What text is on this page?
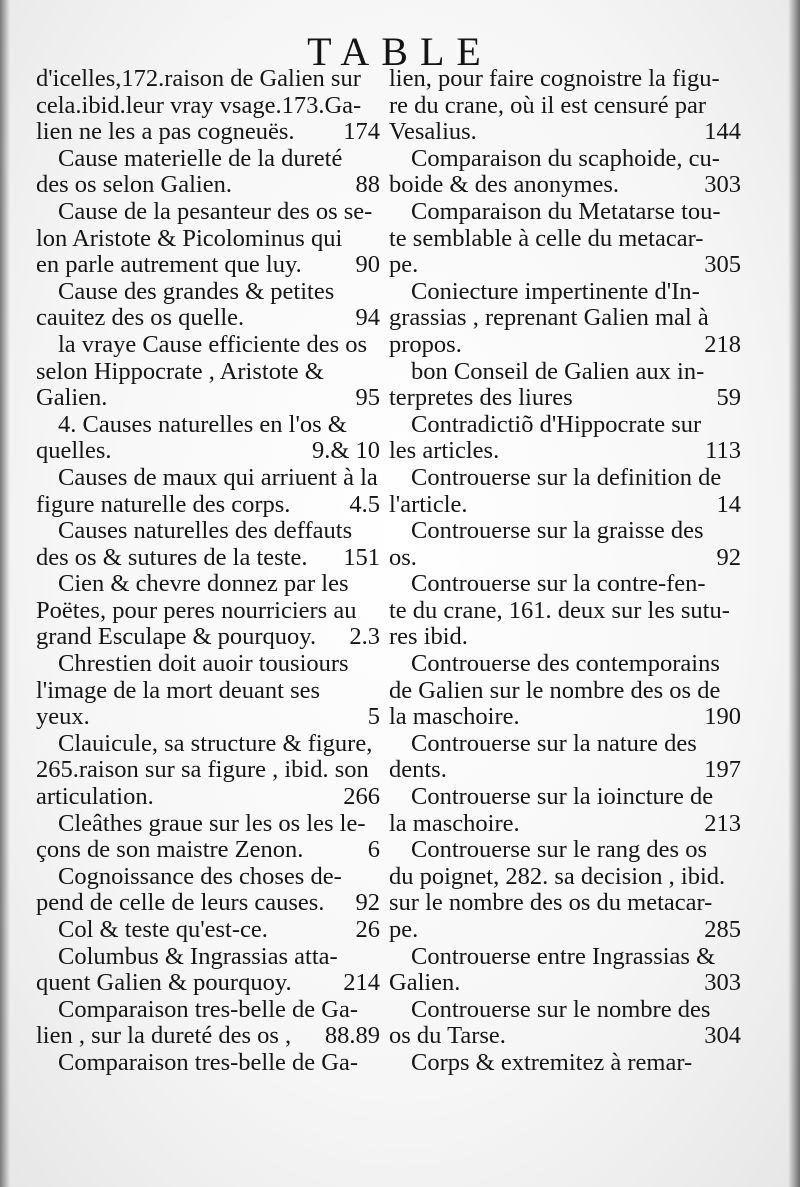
TABLE
d'icelles,172.raison de Galien sur
cela.ibid.leur vray vsage.173.Ga-
lien ne les a pas cogneuës. 174
Cause materielle de la dureté
des os selon Galien.	88
Cause de la pesanteur des os se-
lon Aristote & Picolominus qui
en parle autrement que luy. 90
Cause des grandes & petites
cauitez des os quelle.	94
la vraye Cause efficiente des os
selon Hippocrate , Aristote &
Galien.	95
4. Causes naturelles en l'os &
quelles.	9.& 10
Causes de maux qui arriuent à la
figure naturelle des corps. 4.5
Causes naturelles des deffauts
des os & sutures de la teste. 151
Cien & chevre donnez par les
Poëtes, pour peres nourriciers au
grand Esculape & pourquoy. 2.3
Chrestien doit auoir tousiours
l'image de la mort deuant ses
yeux.	5
Clauicule, sa structure & figure,
265.raison sur sa figure , ibid. son
articulation.	266
Cleâthes graue sur les os les le-
çons de son maistre Zenon.	6
Cognoissance des choses de-
pend de celle de leurs causes. 92
Col & teste qu'est-ce.	26
Columbus & Ingrassias atta-
quent Galien & pourquoy. 214
Comparaison tres-belle de Ga-
lien , sur la dureté des os , 88.89
Comparaison tres-belle de Ga-
lien, pour faire cognoistre la figu-
re du crane, où il est censuré par
Vesalius.	144
Comparaison du scaphoide, cu-
boide & des anonymes.	303
Comparaison du Metatarse tou-
te semblable à celle du metacar-
pe.	305
Coniecture impertinente d'In-
grassias , reprenant Galien mal à
propos.	218
bon Conseil de Galien aux in-
terpretes des liures	59
Contradictiõ d'Hippocrate sur
les articles.	113
Controuerse sur la definition de
l'article.	14
Controuerse sur la graisse des
os.	92
Controuerse sur la contre-fen-
te du crane, 161. deux sur les sutu-
res ibid.
Controuerse des contemporains
de Galien sur le nombre des os de
la maschoire.	190
Controuerse sur la nature des
dents.	197
Controuerse sur la ioincture de
la maschoire.	213
Controuerse sur le rang des os
du poignet, 282. sa decision , ibid.
sur le nombre des os du metacar-
pe.	285
Controuerse entre Ingrassias &
Galien.	303
Controuerse sur le nombre des
os du Tarse.	304
Corps & extremitez à remar-
